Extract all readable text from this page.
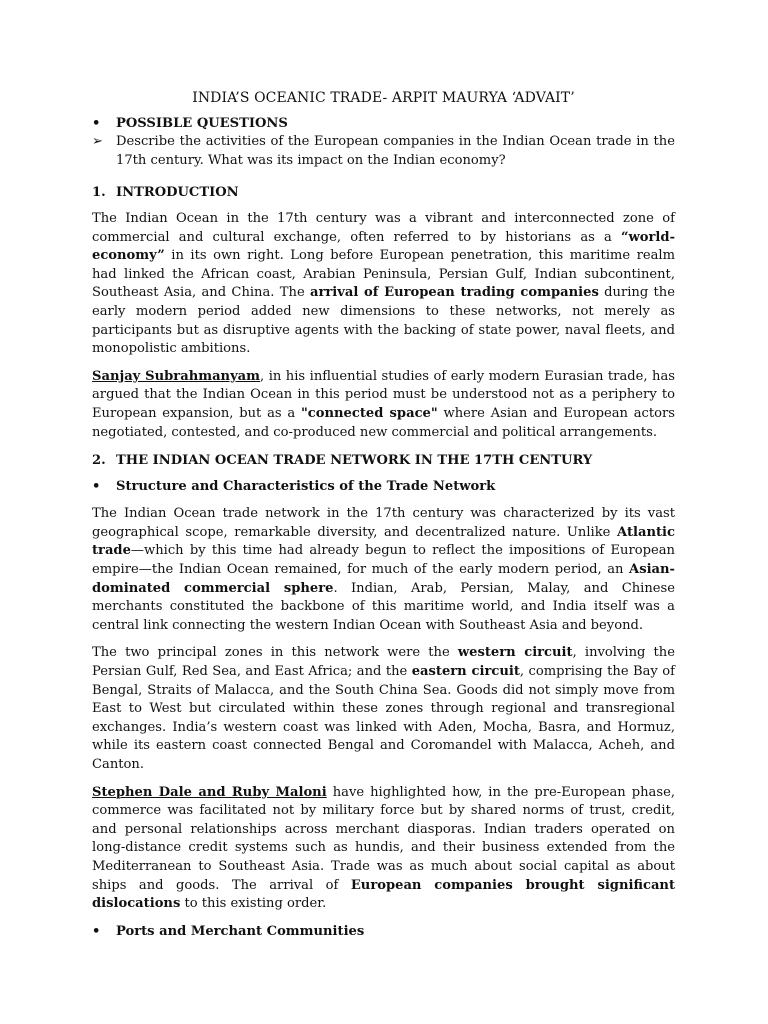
INDIA’S OCEANIC TRADE- ARPIT MAURYA ‘ADVAIT’
•	POSSIBLE QUESTIONS
➢ Describe the activities of the European companies in the Indian Ocean trade in the 17th century. What was its impact on the Indian economy?
1. INTRODUCTION

The Indian Ocean in the 17th century was a vibrant and interconnected zone of commercial and cultural exchange, often referred to by historians as a “world-economy” in its own right. Long before European penetration, this maritime realm had linked the African coast, Arabian Peninsula, Persian Gulf, Indian subcontinent, Southeast Asia, and China. The arrival of European trading companies during the early modern period added new dimensions to these networks, not merely as participants but as disruptive agents with the backing of state power, naval fleets, and monopolistic ambitions.

Sanjay Subrahmanyam, in his influential studies of early modern Eurasian trade, has argued that the Indian Ocean in this period must be understood not as a periphery to European expansion, but as a "connected space" where Asian and European actors negotiated, contested, and co-produced new commercial and political arrangements.

2. THE INDIAN OCEAN TRADE NETWORK IN THE 17TH CENTURY
•	Structure and Characteristics of the Trade Network

The Indian Ocean trade network in the 17th century was characterized by its vast geographical scope, remarkable diversity, and decentralized nature. Unlike Atlantic trade—which by this time had already begun to reflect the impositions of European empire—the Indian Ocean remained, for much of the early modern period, an Asian-dominated commercial sphere. Indian, Arab, Persian, Malay, and Chinese merchants constituted the backbone of this maritime world, and India itself was a central link connecting the western Indian Ocean with Southeast Asia and beyond.

The two principal zones in this network were the western circuit, involving the Persian Gulf, Red Sea, and East Africa; and the eastern circuit, comprising the Bay of Bengal, Straits of Malacca, and the South China Sea. Goods did not simply move from East to West but circulated within these zones through regional and transregional exchanges. India’s western coast was linked with Aden, Mocha, Basra, and Hormuz, while its eastern coast connected Bengal and Coromandel with Malacca, Acheh, and Canton.

Stephen Dale and Ruby Maloni have highlighted how, in the pre-European phase, commerce was facilitated not by military force but by shared norms of trust, credit, and personal relationships across merchant diasporas. Indian traders operated on long-distance credit systems such as hundis, and their business extended from the Mediterranean to Southeast Asia. Trade was as much about social capital as about ships and goods. The arrival of European companies brought significant dislocations to this existing order.

•	Ports and Merchant Communities
